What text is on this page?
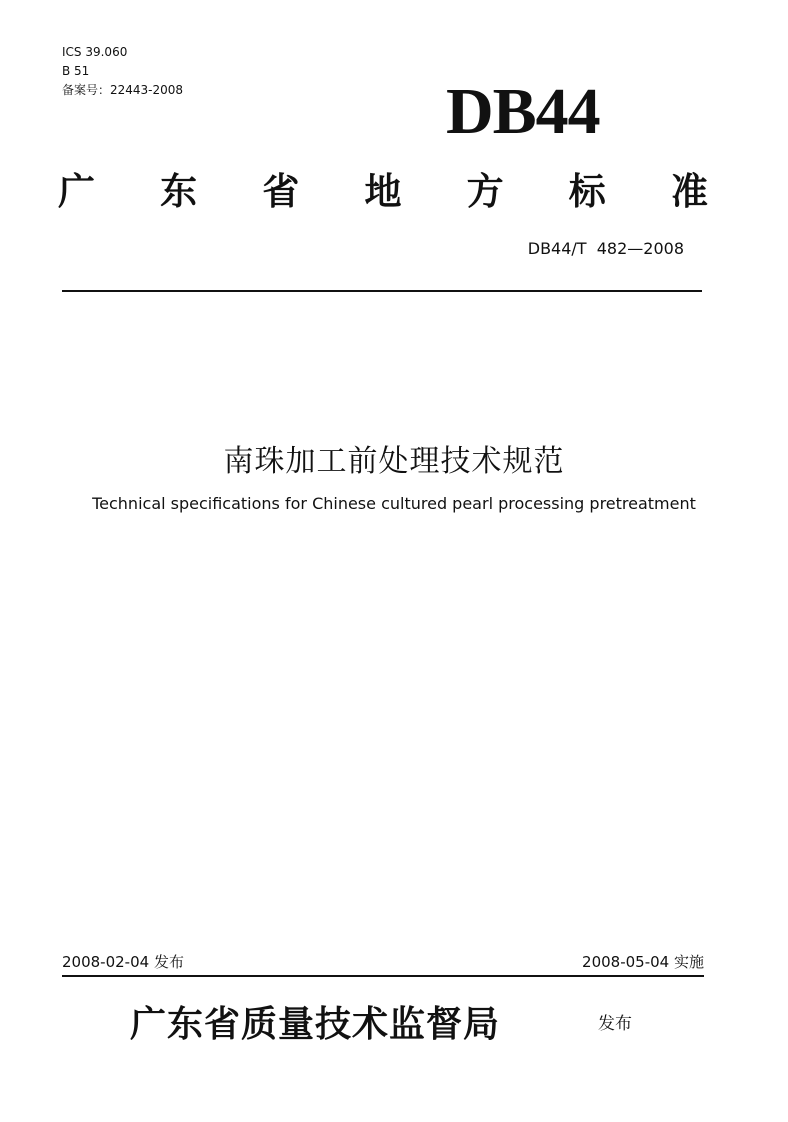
ICS 39.060
B 51
备案号：22443-2008	DB44
广 东 省 地 方 标 准
DB44/T  482—2008
南珠加工前处理技术规范
Technical specifications for Chinese cultured pearl processing pretreatment
2008-02-04 发布	2008-05-04 实施
广东省质量技术监督局	发布
